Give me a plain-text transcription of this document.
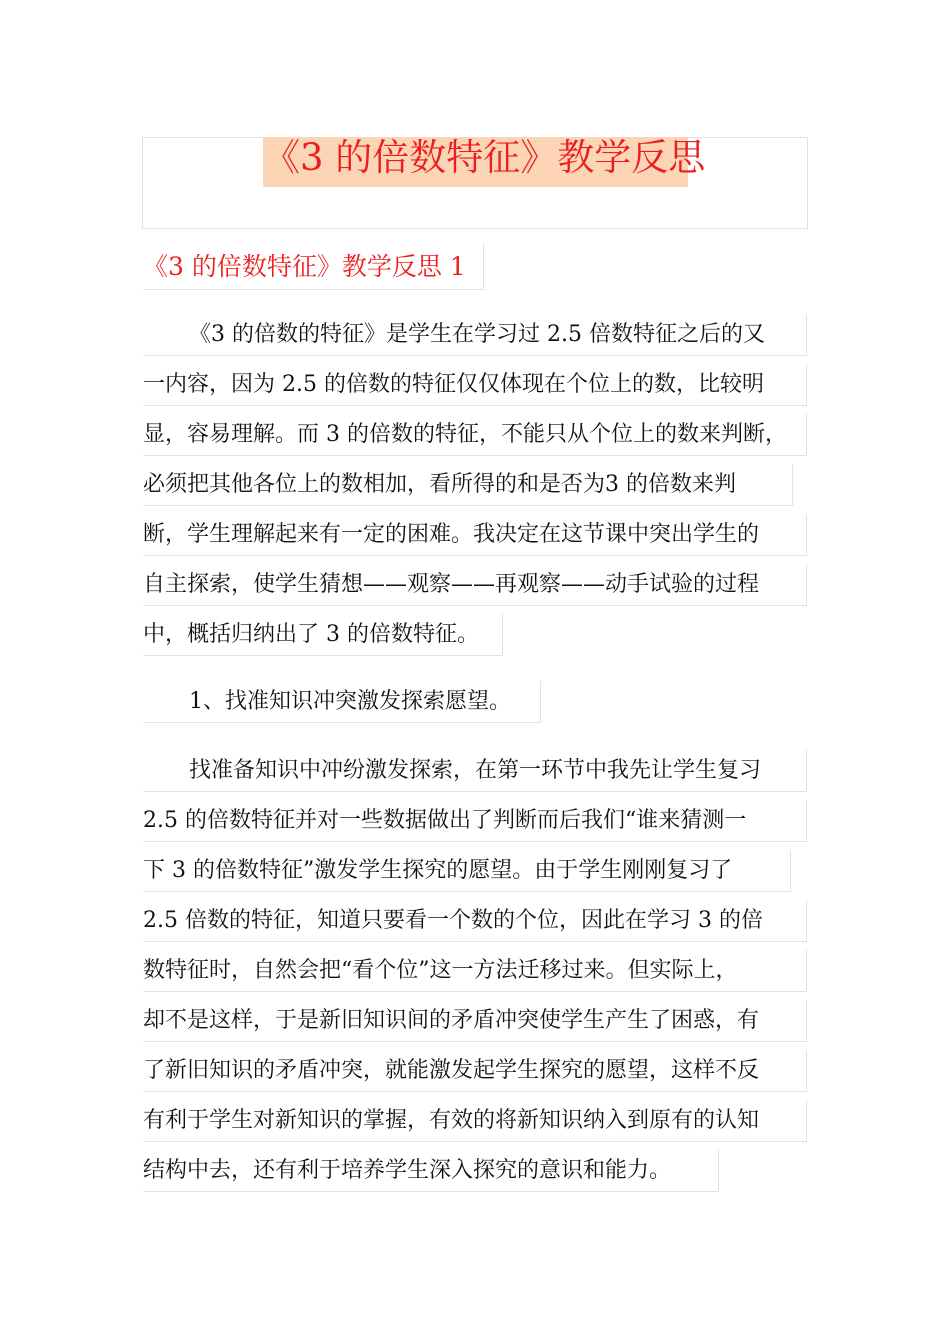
《3 的倍数特征》教学反思
《3 的倍数特征》教学反思 1
《3 的倍数的特征》是学生在学习过 2.5 倍数特征之后的又
一内容，因为 2.5 的倍数的特征仅仅体现在个位上的数，比较明
显，容易理解。而 3 的倍数的特征，不能只从个位上的数来判断，
必须把其他各位上的数相加，看所得的和是否为3 的倍数来判
断，学生理解起来有一定的困难。我决定在这节课中突出学生的
自主探索，使学生猜想——观察——再观察——动手试验的过程
中，概括归纳出了 3 的倍数特征。
1、找准知识冲突激发探索愿望。
找准备知识中冲纷激发探索，在第一环节中我先让学生复习
2.5 的倍数特征并对一些数据做出了判断而后我们“谁来猜测一
下 3 的倍数特征”激发学生探究的愿望。由于学生刚刚复习了
2.5 倍数的特征，知道只要看一个数的个位，因此在学习 3 的倍
数特征时，自然会把“看个位”这一方法迁移过来。但实际上，
却不是这样，于是新旧知识间的矛盾冲突使学生产生了困惑，有
了新旧知识的矛盾冲突，就能激发起学生探究的愿望，这样不反
有利于学生对新知识的掌握，有效的将新知识纳入到原有的认知
结构中去，还有利于培养学生深入探究的意识和能力。
